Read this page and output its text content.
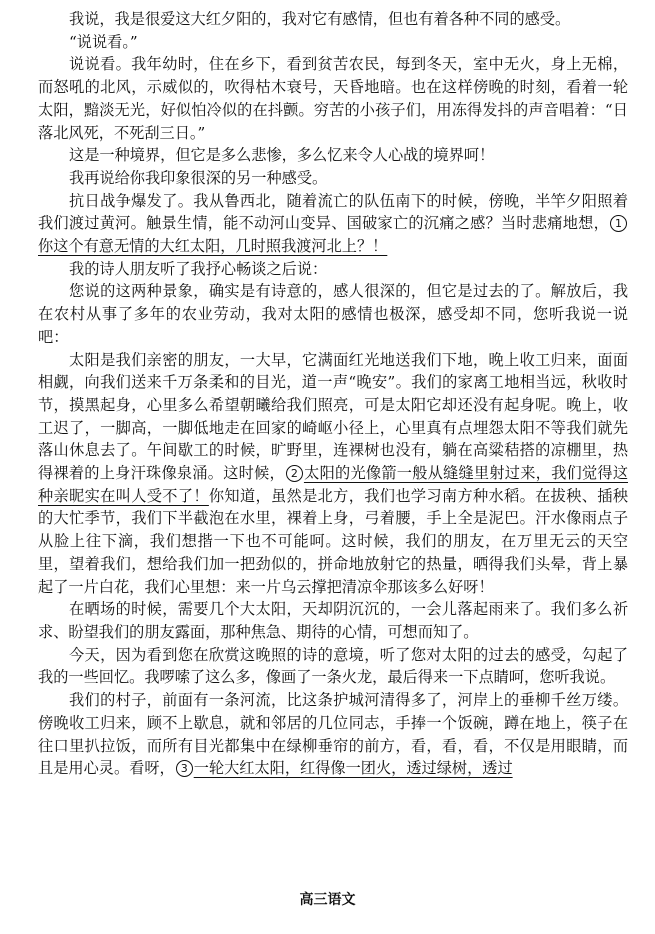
我说，我是很爱这大红夕阳的，我对它有感情，但也有着各种不同的感受。

“说说看。”

说说看。我年幼时，住在乡下，看到贫苦农民，每到冬天，室中无火，身上无棉，而怒吼的北风，示威似的，吹得枯木衰号，天昏地暗。也在这样傍晚的时刻，看着一轮太阳，黯淡无光，好似怕冷似的在抖颤。穷苦的小孩子们，用冻得发抖的声音唱着：“日落北风死，不死刮三日。”

这是一种境界，但它是多么悲惨，多么忆来令人心战的境界呵！

我再说给你我印象很深的另一种感受。

抗日战争爆发了。我从鲁西北，随着流亡的队伍南下的时候，傍晚，半竿夕阳照着我们渡过黄河。触景生情，能不动河山变异、国破家亡的沉痛之感？当时悲痛地想， 1你这个有意无情的大红太阳，几时照我渡河北上？！

我的诗人朋友听了我抒心畅谈之后说：

您说的这两种景象，确实是有诗意的，感人很深的，但它是过去的了。解放后，我在农村从事了多年的农业劳动，我对太阳的感情也极深，感受却不同，您听我说一说吧：

太阳是我们亲密的朋友，一大早，它满面红光地送我们下地，晚上收工归来，面面相觑，向我们送来千万条柔和的目光，道一声“晚安”。我们的家离工地相当远，秋收时节，摸黑起身，心里多么希望朝曦给我们照亮，可是太阳它却还没有起身呢。晚上，收工迟了，一脚高，一脚低地走在回家的崎岖小径上，心里真有点埋怨太阳不等我们就先落山休息去了。午间歇工的时候，旷野里，连裸树也没有，躺在高粱秸搭的凉棚里，热得裸着的上身汗珠像泉涌。这时候， 2 太阳的光像箭一般从缝缝里射过来，我们觉得这种亲昵实在叫人受不了！你知道，虽然是北方，我们也学习南方种水稻。在拔秧、插秧的大忙季节，我们下半截泡在水里，裸着上身，弓着腰，手上全是泥巴。汗水像雨点子从脸上往下滴，我们想揩一下也不可能呵。这时候，我们的朋友，在万里无云的天空里，望着我们，想给我们加一把劲似的，拼命地放射它的热量，晒得我们头晕，背上暴起了一片白花，我们心里想：来一片乌云撑把清凉伞那该多么好呀！

在晒场的时候，需要几个大太阳，天却阴沉沉的，一会儿落起雨来了。我们多么祈求、盼望我们的朋友露面，那种焦急、期待的心情，可想而知了。

今天，因为看到您在欣赏这晚照的诗的意境，听了您对太阳的过去的感受，勾起了我的一些回忆。我啰嗦了这么多，像画了一条火龙，最后得来一下点睛呵，您听我说。

我们的村子，前面有一条河流，比这条护城河清得多了，河岸上的垂柳千丝万缕。傍晚收工归来，顾不上歇息，就和邻居的几位同志，手捧一个饭碗，蹲在地上，筷子在往口里扒拉饭，而所有目光都集中在绿柳垂帘的前方，看，看，看，不仅是用眼睛，而且是用心灵。看呀， 3 一轮大红太阳，红得像一团火，透过绿树，透过

高三语文
